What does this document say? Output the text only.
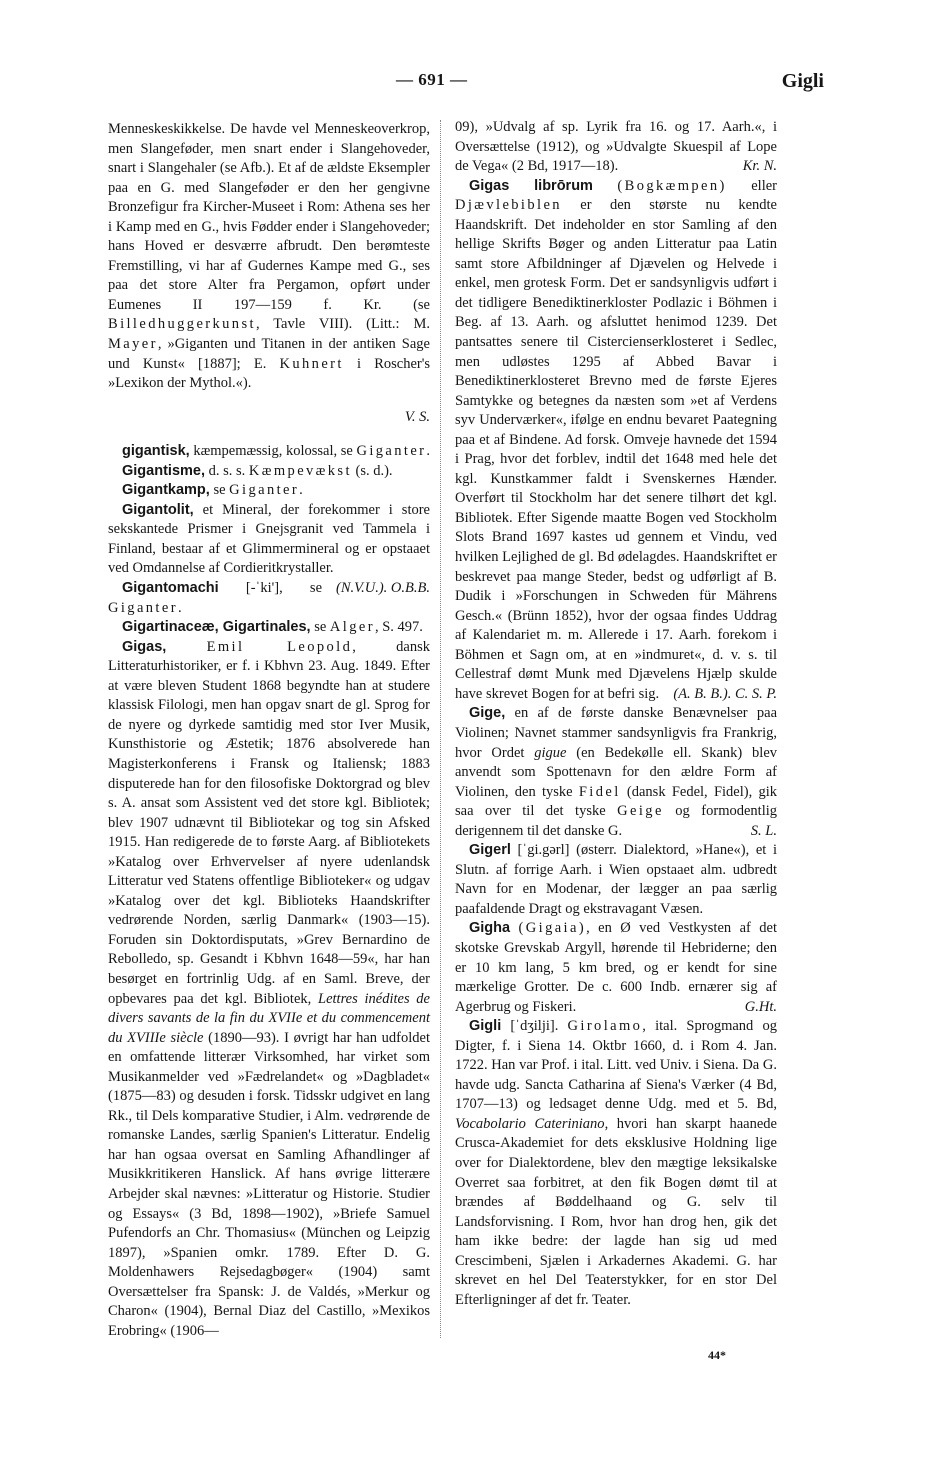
— 691 —	Gigli

Menneskeskikkelse. De havde vel Menneskeoverkrop, men Slangeføder, men snart ender i Slangehoveder, snart i Slangehaler (se Afb.). Et af de ældste Eksempler paa en G. med Slangeføder er den her gengivne Bronzefigur fra Kircher-Museet i Rom: Athena ses her i Kamp med en G., hvis Fødder ender i Slangehoveder; hans Hoved er desværre afbrudt. Den berømteste Fremstilling, vi har af Gudernes Kampe med G., ses paa det store Alter fra Pergamon, opført under Eumenes II 197—159 f. Kr. (se Billedhuggerkunst, Tavle VIII). (Litt.: M. Mayer, »Giganten und Titanen in der antiken Sage und Kunst« [1887]; E. Kuhnert i Roscher's »Lexikon der Mythol.«).

V. S.

gigantisk, kæmpemæssig, kolossal, se Giganter.

Gigantisme, d. s. s. Kæmpevækst (s. d.).

Gigantkamp, se Giganter.

Gigantolit, et Mineral, der forekommer i store sekskantede Prismer i Gnejsgranit ved Tammela i Finland, bestaar af et Glimmermineral og er opstaaet ved Omdannelse af Cordieritkrystaller.
(N.V.U.). O.B.B.

Gigantomachi [-ˈki'], se Giganter.

Gigartinaceæ, Gigartinales, se Alger, S. 497.

Gigas,	Emil Leopold, dansk Litteraturhistoriker, er f. i Kbhvn 23. Aug. 1849. Efter at være bleven Student 1868 begyndte han at studere klassisk Filologi, men han opgav snart de gl. Sprog for de nyere og dyrkede samtidig med stor Iver Musik, Kunsthistorie og Æstetik; 1876 absolverede han Magisterkonferens i Fransk og Italiensk; 1883 disputerede han for den filosofiske Doktorgrad og blev s. A. ansat som Assistent ved det store kgl. Bibliotek; blev 1907 udnævnt til Bibliotekar og tog sin Afsked 1915. Han redigerede de to første Aarg. af Bibliotekets »Katalog over Erhvervelser af nyere udenlandsk Litteratur ved Statens offentlige Biblioteker« og udgav »Katalog over det kgl. Biblioteks Haandskrifter vedrørende Norden, særlig Danmark« (1903—15). Foruden sin Doktordisputats, »Grev Bernardino de Rebolledo, sp. Gesandt i Kbhvn 1648—59«, har han besørget en fortrinlig Udg. af en Saml. Breve, der opbevares paa det kgl. Bibliotek, Lettres inédites de divers savants de la fin du XVIIe et du commencement du XVIIIe siècle (1890—93). I øvrigt har han udfoldet en omfattende litterær Virksomhed, har virket som Musikanmelder ved »Fædrelandet« og »Dagbladet« (1875—83) og desuden i forsk. Tidsskr udgivet en lang Rk., til Dels komparative Studier, i Alm. vedrørende de romanske Landes, særlig Spanien's Litteratur. Endelig har han ogsaa oversat en Samling Afhandlinger af Musikkritikeren Hanslick. Af hans øvrige litterære Arbejder skal nævnes: »Litteratur og Historie. Studier og Essays« (3 Bd, 1898—1902), »Briefe Samuel Pufendorfs an Chr. Thomasius« (München og Leipzig 1897), »Spanien omkr. 1789. Efter D. G. Moldenhawers Rejsedagbøger« (1904) samt Oversættelser fra Spansk: J. de Valdés, »Merkur og Charon« (1904), Bernal Diaz del Castillo, »Mexikos Erobring« (1906—

09), »Udvalg af sp. Lyrik fra 16. og 17. Aarh.«, i Oversættelse (1912), og »Udvalgte Skuespil af Lope de Vega« (2 Bd, 1917—18).	Kr. N.

Gigas librōrum (Bogkæmpen) eller Djævlebiblen er den største nu kendte Haandskrift. Det indeholder en stor Samling af den hellige Skrifts Bøger og anden Litteratur paa Latin samt store Afbildninger af Djævelen og Helvede i enkel, men grotesk Form. Det er sandsynligvis udført i det tidligere Benediktinerkloster Podlazic i Böhmen i Beg. af 13. Aarh. og afsluttet henimod 1239. Det pantsattes senere til Cistercienserklosteret i Sedlec, men udløstes 1295 af Abbed Bavar i Benediktinerklosteret Brevno med de første Ejeres Samtykke og betegnes da næsten som »et af Verdens syv Underværker«, ifølge en endnu bevaret Paategning paa et af Bindene. Ad forsk. Omveje havnede det 1594 i Prag, hvor det forblev, indtil det 1648 med hele det kgl. Kunstkammer faldt i Svenskernes Hænder. Overført til Stockholm har det senere tilhørt det kgl. Bibliotek. Efter Sigende maatte Bogen ved Stockholm Slots Brand 1697 kastes ud gennem et Vindu, ved hvilken Lejlighed de gl. Bd ødelagdes. Haandskriftet er beskrevet paa mange Steder, bedst og udførligt af B. Dudik i »Forschungen in Schweden für Mährens Gesch.« (Brünn 1852), hvor der ogsaa findes Uddrag af Kalendariet m. m. Allerede i 17. Aarh. forekom i Böhmen et Sagn om, at en »indmuret«, d. v. s. til Cellestraf dømt Munk med Djævelens Hjælp skulde have skrevet Bogen for at befri sig. (A. B. B.). C. S. P.

Gige, en af de første danske Benævnelser paa Violinen; Navnet stammer sandsynligvis fra Frankrig, hvor Ordet gigue (en Bedekølle ell. Skank) blev anvendt som Spottenavn for den ældre Form af Violinen, den tyske Fidel (dansk Fedel, Fidel), gik saa over til det tyske Geige og formodentlig derigennem til det danske G.	S. L.

Gigerl [ˈgi.gərl] (østerr. Dialektord, »Hane«), et i Slutn. af forrige Aarh. i Wien opstaaet alm. udbredt Navn for en Modenar, der lægger an paa særlig paafaldende Dragt og ekstravagant Væsen.

Gigha (Gigaia), en Ø ved Vestkysten af det skotske Grevskab Argyll, hørende til Hebriderne; den er 10 km lang, 5 km bred, og er kendt for sine mærkelige Grotter. De c. 600 Indb. ernærer sig af Agerbrug og Fiskeri.	G.Ht.

Gigli [ˈdʒilji]. Girolamo, ital. Sprogmand og Digter, f. i Siena 14. Oktbr 1660, d. i Rom 4. Jan. 1722. Han var Prof. i ital. Litt. ved Univ. i Siena. Da G. havde udg. Sancta Catharina af Siena's Værker (4 Bd, 1707—13) og ledsaget denne Udg. med et 5. Bd, Vocabolario Cateriniano, hvori han skarpt haanede Crusca-Akademiet for dets eksklusive Holdning lige over for Dialektordene, blev den mægtige leksikalske Overret saa forbitret, at den fik Bogen dømt til at brændes af Bøddelhaand og G. selv til Landsforvisning. I Rom, hvor han drog hen, gik det ham ikke bedre: der lagde han sig ud med Crescimbeni, Sjælen i Arkadernes Akademi. G. har skrevet en hel Del Teaterstykker, for en stor Del Efterligninger af det fr. Teater.

44*
